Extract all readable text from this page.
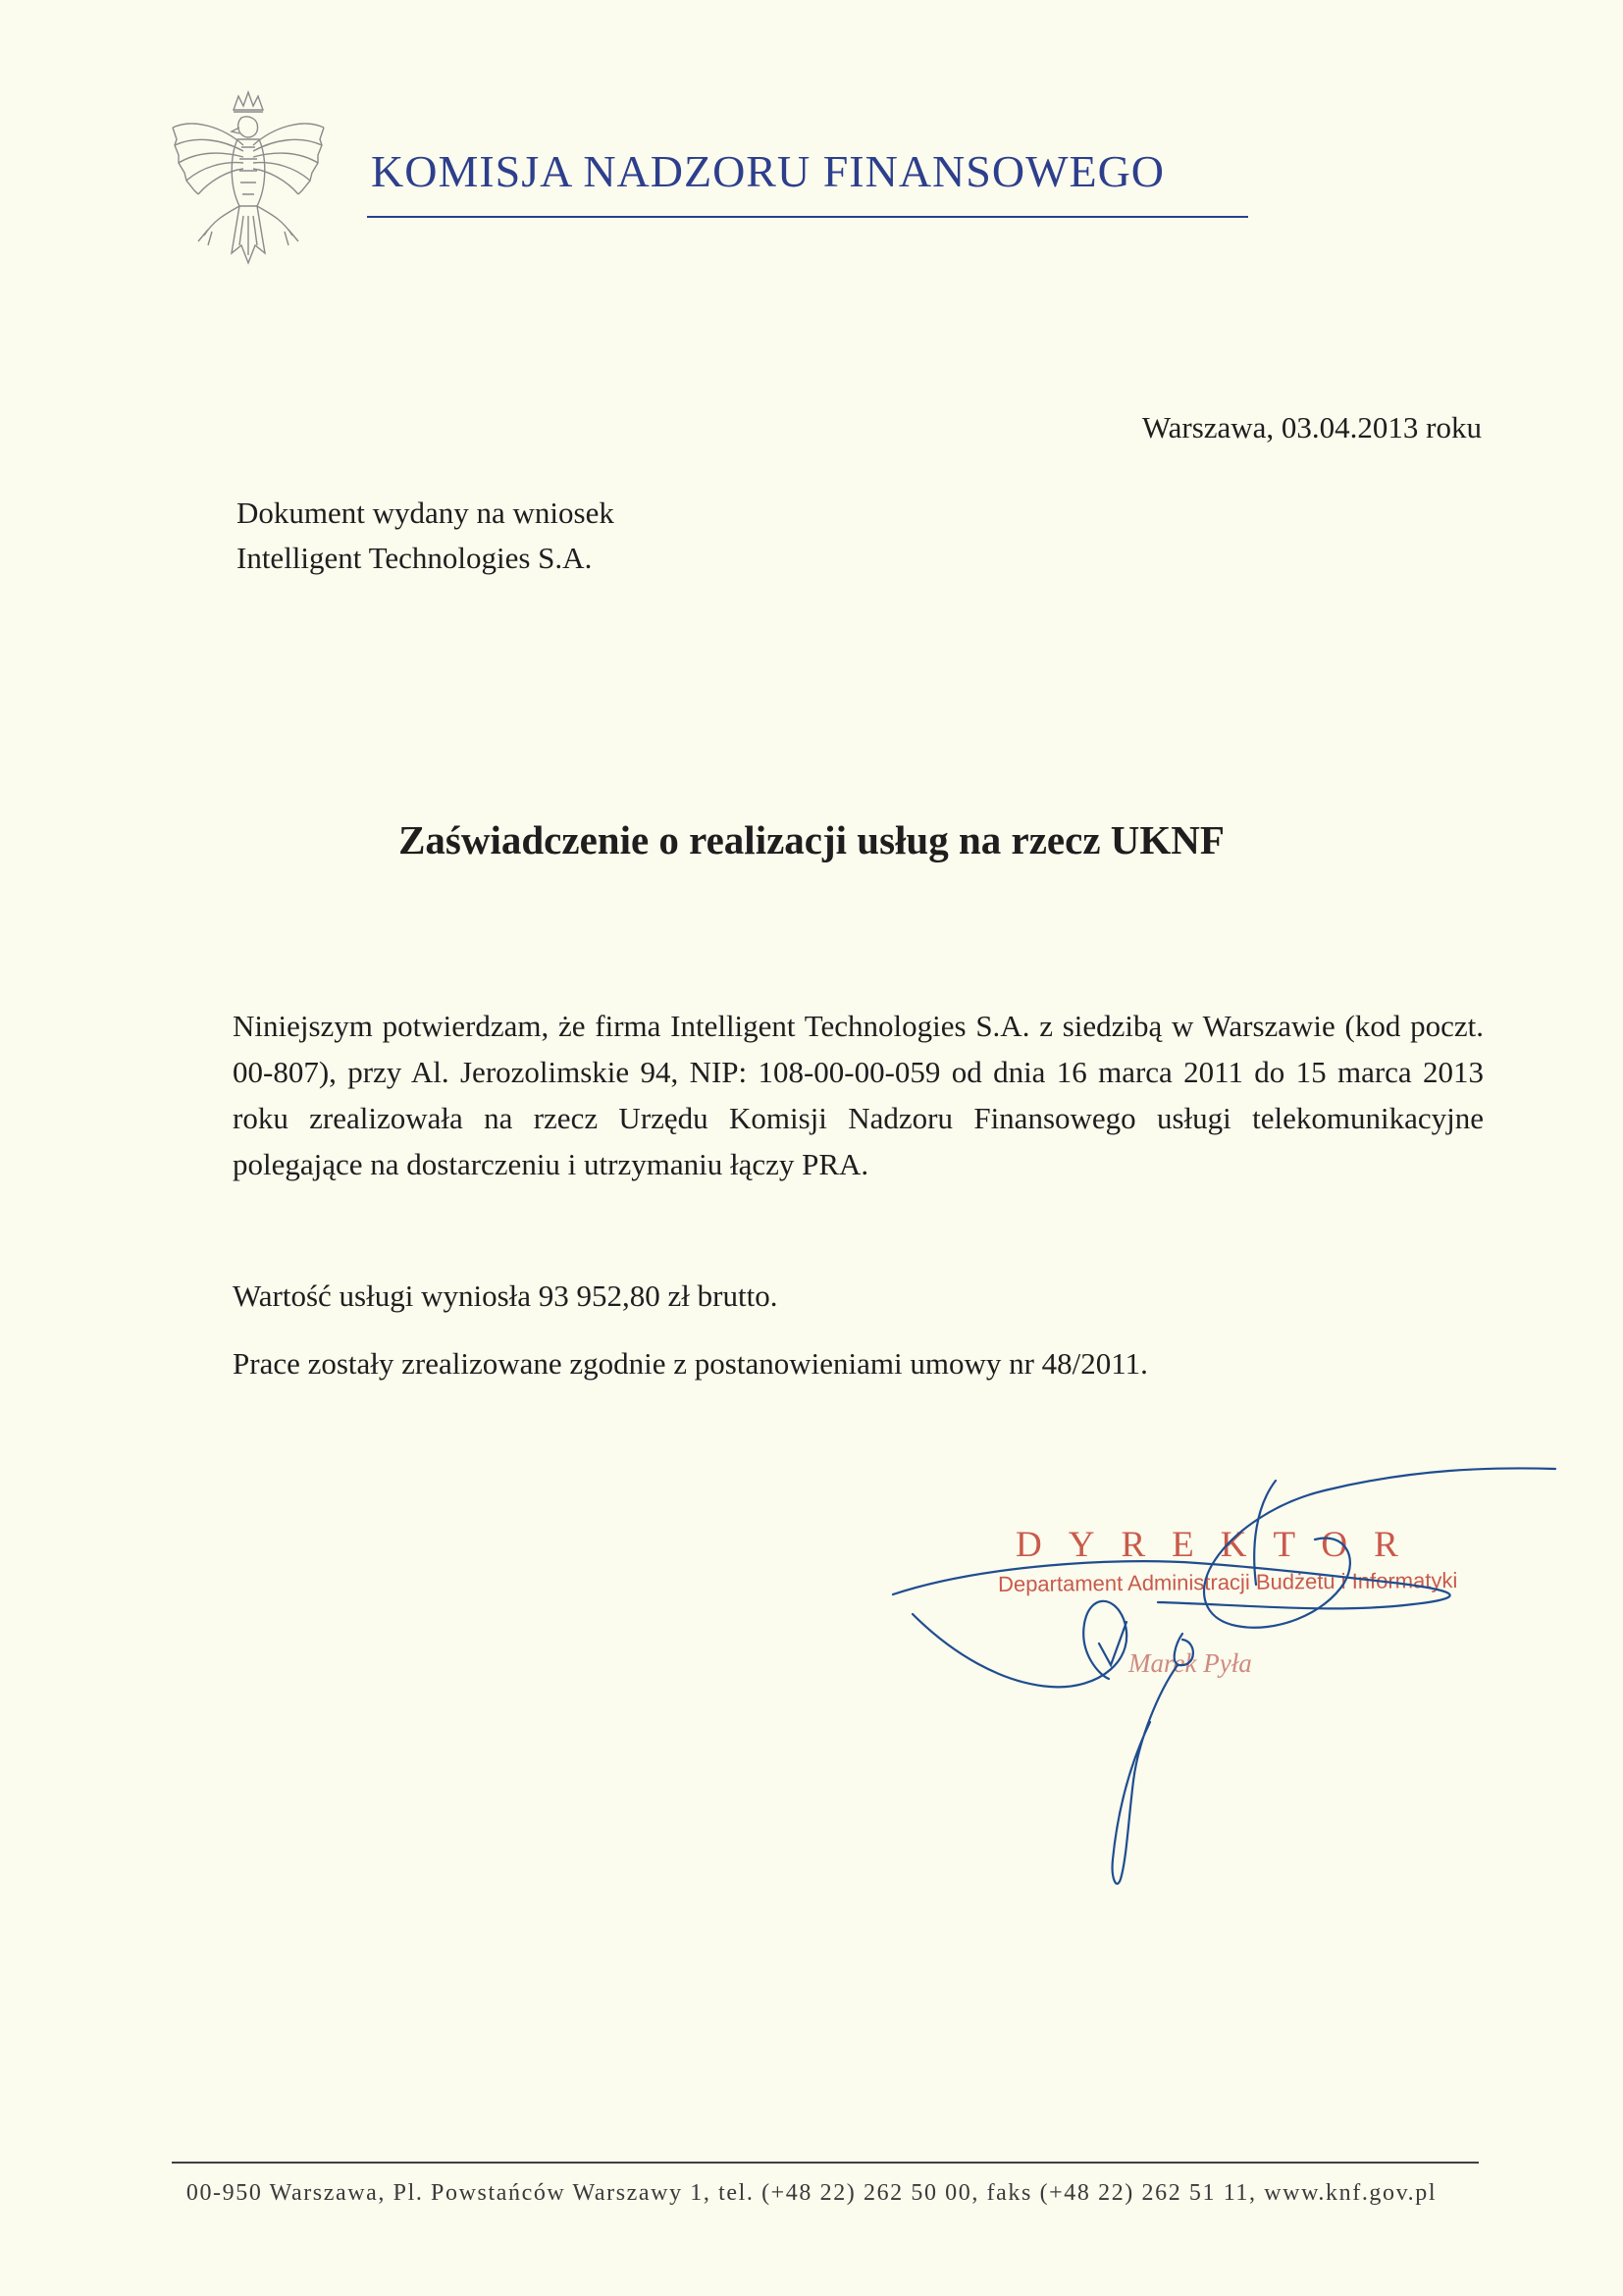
KOMISJA NADZORU FINANSOWEGO
Warszawa, 03.04.2013 roku
Dokument wydany na wniosek
Intelligent Technologies S.A.
Zaświadczenie o realizacji usług na rzecz UKNF
Niniejszym potwierdzam, że firma Intelligent Technologies S.A. z siedzibą w Warszawie (kod poczt. 00-807), przy Al. Jerozolimskie 94, NIP: 108-00-00-059 od dnia 16 marca 2011 do 15 marca 2013 roku zrealizowała na rzecz Urzędu Komisji Nadzoru Finansowego usługi telekomunikacyjne polegające na dostarczeniu i utrzymaniu łączy PRA.
Wartość usługi wyniosła 93 952,80 zł brutto.
Prace zostały zrealizowane zgodnie z postanowieniami umowy nr 48/2011.
DYREKTOR
Departament Administracji Budżetu i Informatyki
Marek Pyła
00-950 Warszawa, Pl. Powstańców Warszawy 1, tel. (+48 22) 262 50 00, faks (+48 22) 262 51 11, www.knf.gov.pl
